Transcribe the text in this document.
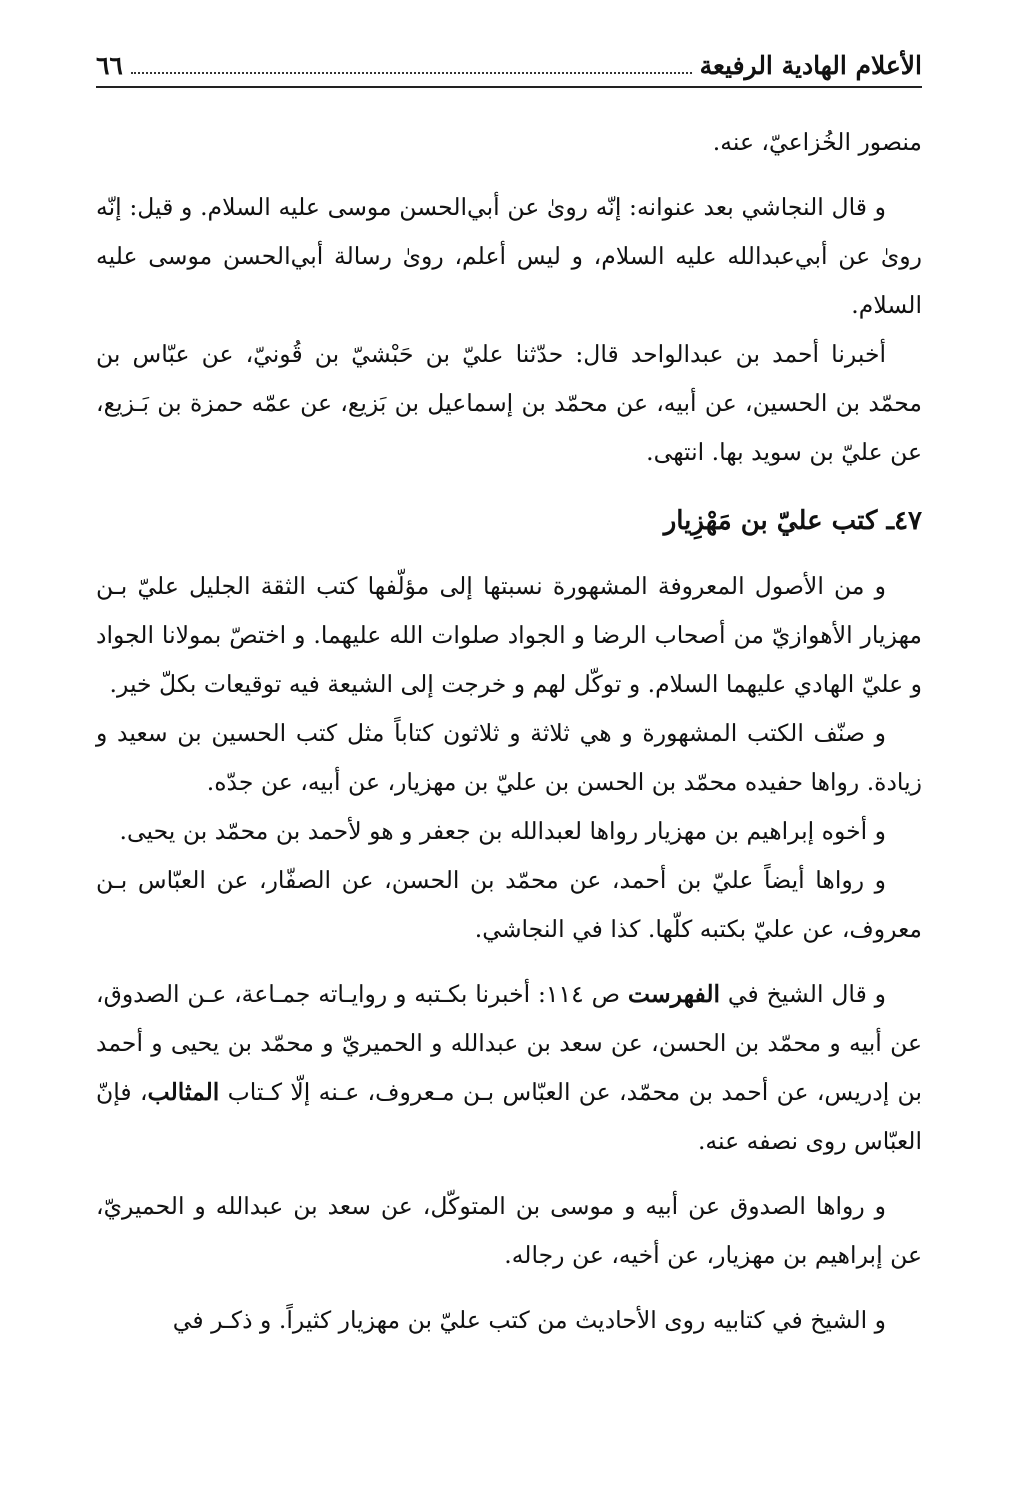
الأعلام الهادية الرفيعة
٦٦

منصور الخُزاعيّ، عنه.

و قال النجاشي بعد عنوانه: إنّه روىٰ عن أبي‌الحسن موسى‌ عليه السلام. و قيل: إنّه روىٰ عن أبي‌عبدالله‌ عليه السلام، و ليس أعلم، روىٰ رسالة أبي‌الحسن موسى‌ عليه السلام.

أخبرنا أحمد بن عبدالواحد قال: حدّثنا عليّ بن حَبْشيّ بن قُونيّ، عن عبّاس بن محمّد بن الحسين، عن أبيه، عن محمّد بن إسماعيل بن بَزيع، عن عمّه حمزة بن بَـزيع، عن عليّ بن سويد بها. انتهى.

٤٧ـ كتب عليّ بن مَهْزِيار

و من الأصول المعروفة المشهورة نسبتها إلى مؤلّفها كتب الثقة الجليل عليّ بـن مهزيار الأهوازيّ من أصحاب الرضا و الجواد صلوات الله عليهما. و اختصّ بمولانا الجواد و عليّ الهادي‌ عليهما السلام. و توكّل لهم و خرجت إلى الشيعة فيه توقيعات بكلّ خير.

و صنّف الكتب المشهورة و هي ثلاثة و ثلاثون كتاباً مثل كتب الحسين بن سعيد و زيادة. رواها حفيده محمّد بن الحسن بن عليّ بن مهزيار، عن أبيه، عن جدّه.

و أخوه إبراهيم بن مهزيار رواها لعبدالله بن جعفر و هو لأحمد بن محمّد بن يحيى.

و رواها أيضاً عليّ بن أحمد، عن محمّد بن الحسن، عن الصفّار، عن العبّاس بـن معروف، عن عليّ بكتبه كلّها. كذا في النجاشي.

و قال الشيخ في الفهرست ص ١١٤: أخبرنا بكـتبه و روايـاته جمـاعة، عـن الصدوق، عن أبيه و محمّد بن الحسن، عن سعد بن عبدالله و الحميريّ و محمّد بن يحيى و أحمد بن إدريس، عن أحمد بن محمّد، عن العبّاس بـن مـعروف، عـنه إلّا كـتاب المثالب، فإنّ العبّاس روى نصفه عنه.

و رواها الصدوق عن أبيه و موسى بن المتوكّل، عن سعد بن عبدالله و الحميريّ، عن إبراهيم بن مهزيار، عن أخيه، عن رجاله.

و الشيخ في كتابيه روى الأحاديث من كتب عليّ بن مهزيار كثيراً. و ذكـر في
